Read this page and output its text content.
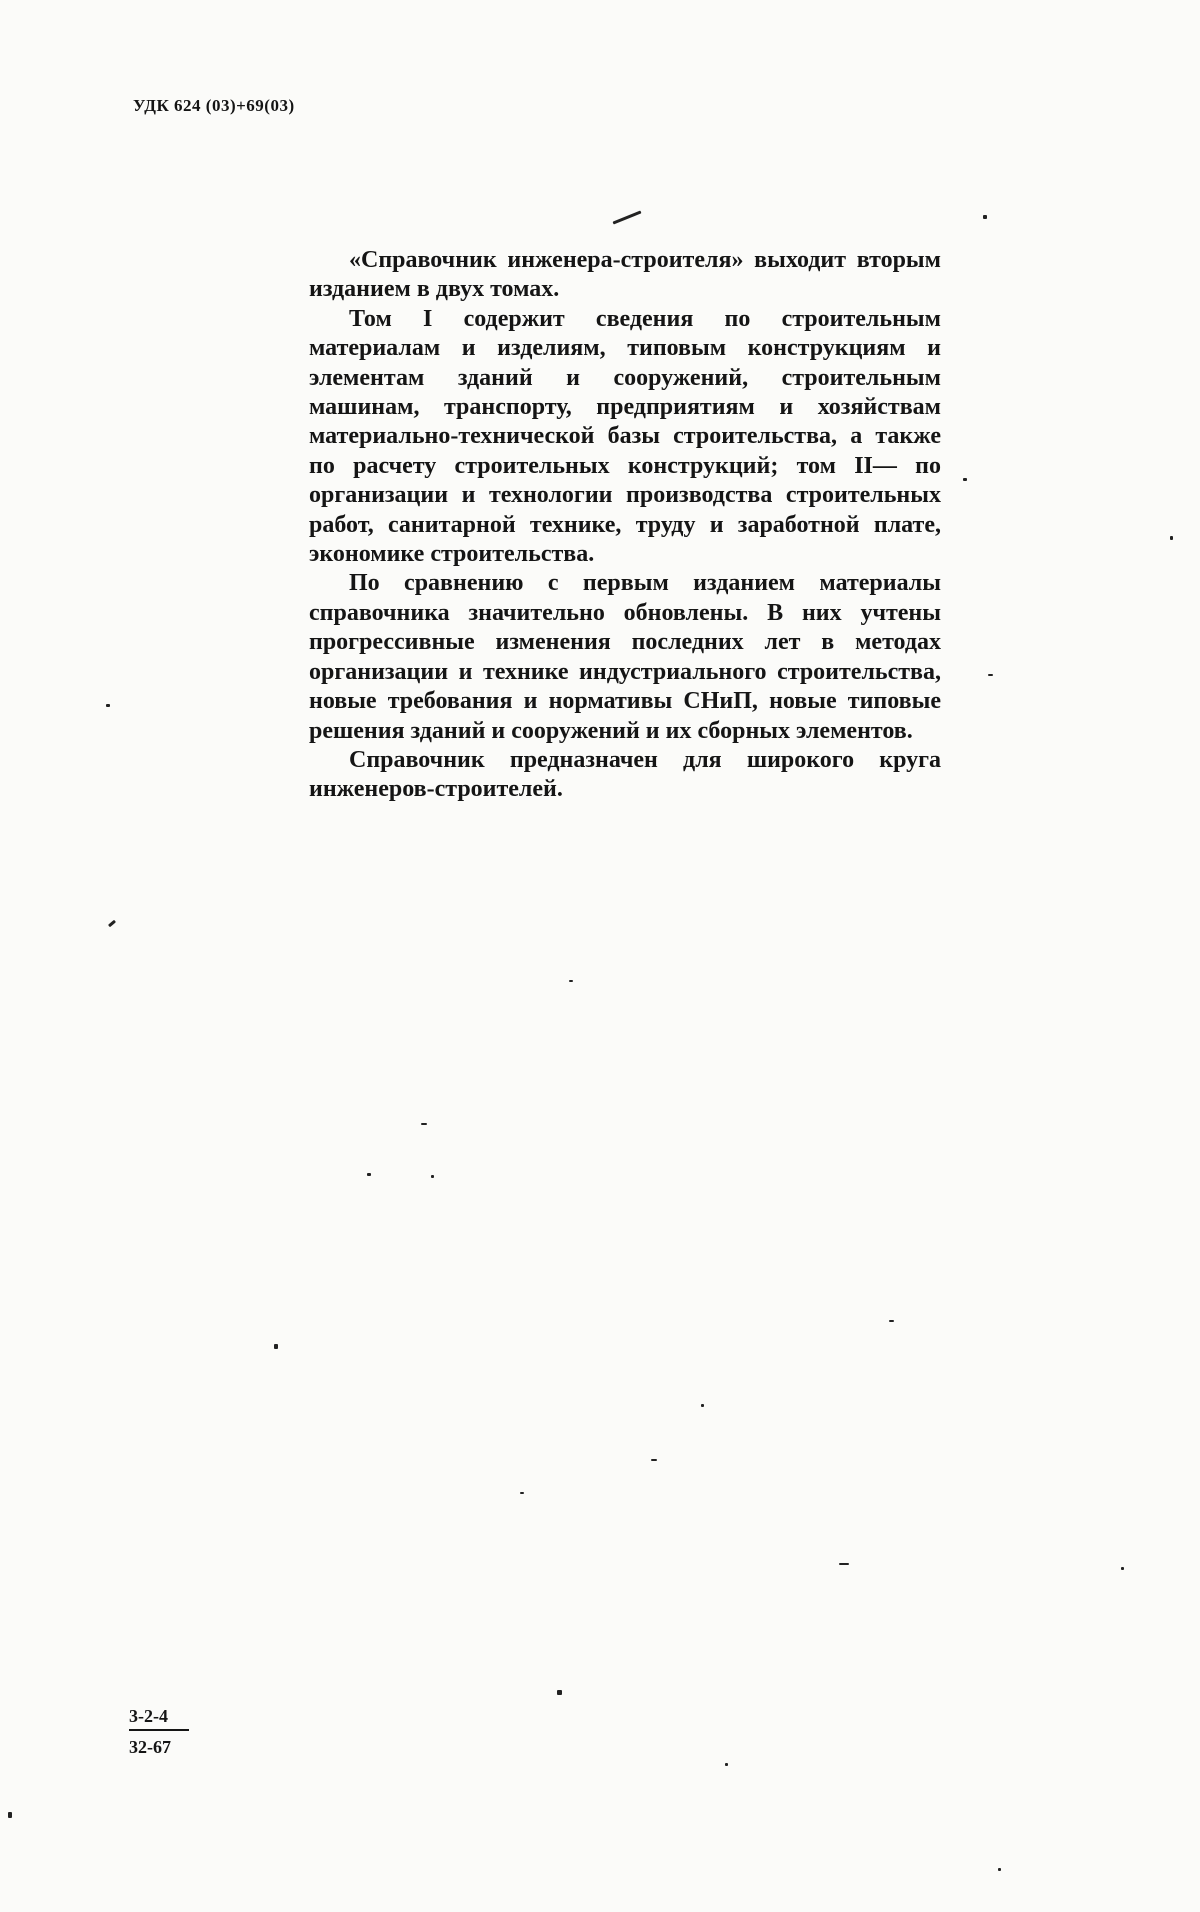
УДК 624 (03)+69(03)

«Справочник инженера-строителя» выходит вторым изданием в двух томах.

Том I содержит сведения по строительным материалам и изделиям, типовым конструкциям и элементам зданий и сооружений, строительным машинам, транспорту, предприятиям и хозяйствам материально-технической базы строительства, а также по расчету строительных конструкций; том II— по организации и технологии производства строительных работ, санитарной технике, труду и заработной плате, экономике строительства.

По сравнению с первым изданием материалы справочника значительно обновлены. В них учтены прогрессивные изменения последних лет в методах организации и технике индустриального строительства, новые требования и нормативы СНиП, новые типовые решения зданий и сооружений и их сборных элементов.

Справочник предназначен для широкого круга инженеров-строителей.

$\frac{3-2-4}{32-67}$
